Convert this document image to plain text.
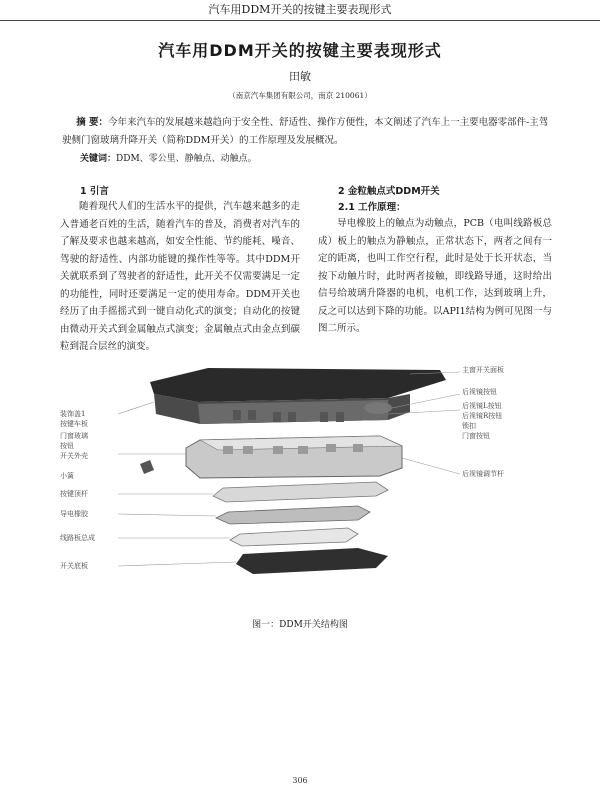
汽车用DDM开关的按键主要表现形式
汽车用DDM开关的按键主要表现形式
田敏
（南京汽车集团有限公司，南京 210061）

摘 要：今年来汽车的发展越来越趋向于安全性、舒适性、操作方便性，本文阐述了汽车上一主要电器零部件-主驾驶侧门窗玻璃升降开关（简称DDM开关）的工作原理及发展概况。

关键词：DDM、零公里、静触点、动触点。

1 引言

随着现代人们的生活水平的提供，汽车越来越多的走入普通老百姓的生活，随着汽车的普及，消费者对汽车的了解及要求也越来越高，如安全性能、节约能耗、噪音、驾驶的舒适性、内部功能键的操作性等等。其中DDM开关就联系到了驾驶者的舒适性，此开关不仅需要满足一定的功能性，同时还要满足一定的使用寿命。DDM开关也经历了由手摇摇式到一键自动化式的演变；自动化的按键由微动开关式到金属触点式演变；金属触点式由金点到碳粒到混合层丝的演变。

2 金粒触点式DDM开关

2.1 工作原理：

导电橡胶上的触点为动触点，PCB（电叫线路板总成）板上的触点为静触点，正常状态下，两者之间有一定的距离，也叫工作空行程，此时是处于长开状态，当按下动触片时，此时两者接触，即线路导通，这时给出信号给玻璃升降器的电机，电机工作，达到玻璃上升，反之可以达到下降的功能。以API1结构为例可见图一与图二所示。

装饰盖1
按键车板
门窗玻璃
按钮
开关外壳
小簧
按键顶杆
导电橡胶
线路板总成
开关底板
主窗开关面板
后视镜按钮
后视镜L按钮
后视镜R按钮
锁扣
门窗按钮
后视镜调节杆
图一：DDM开关结构图
306
